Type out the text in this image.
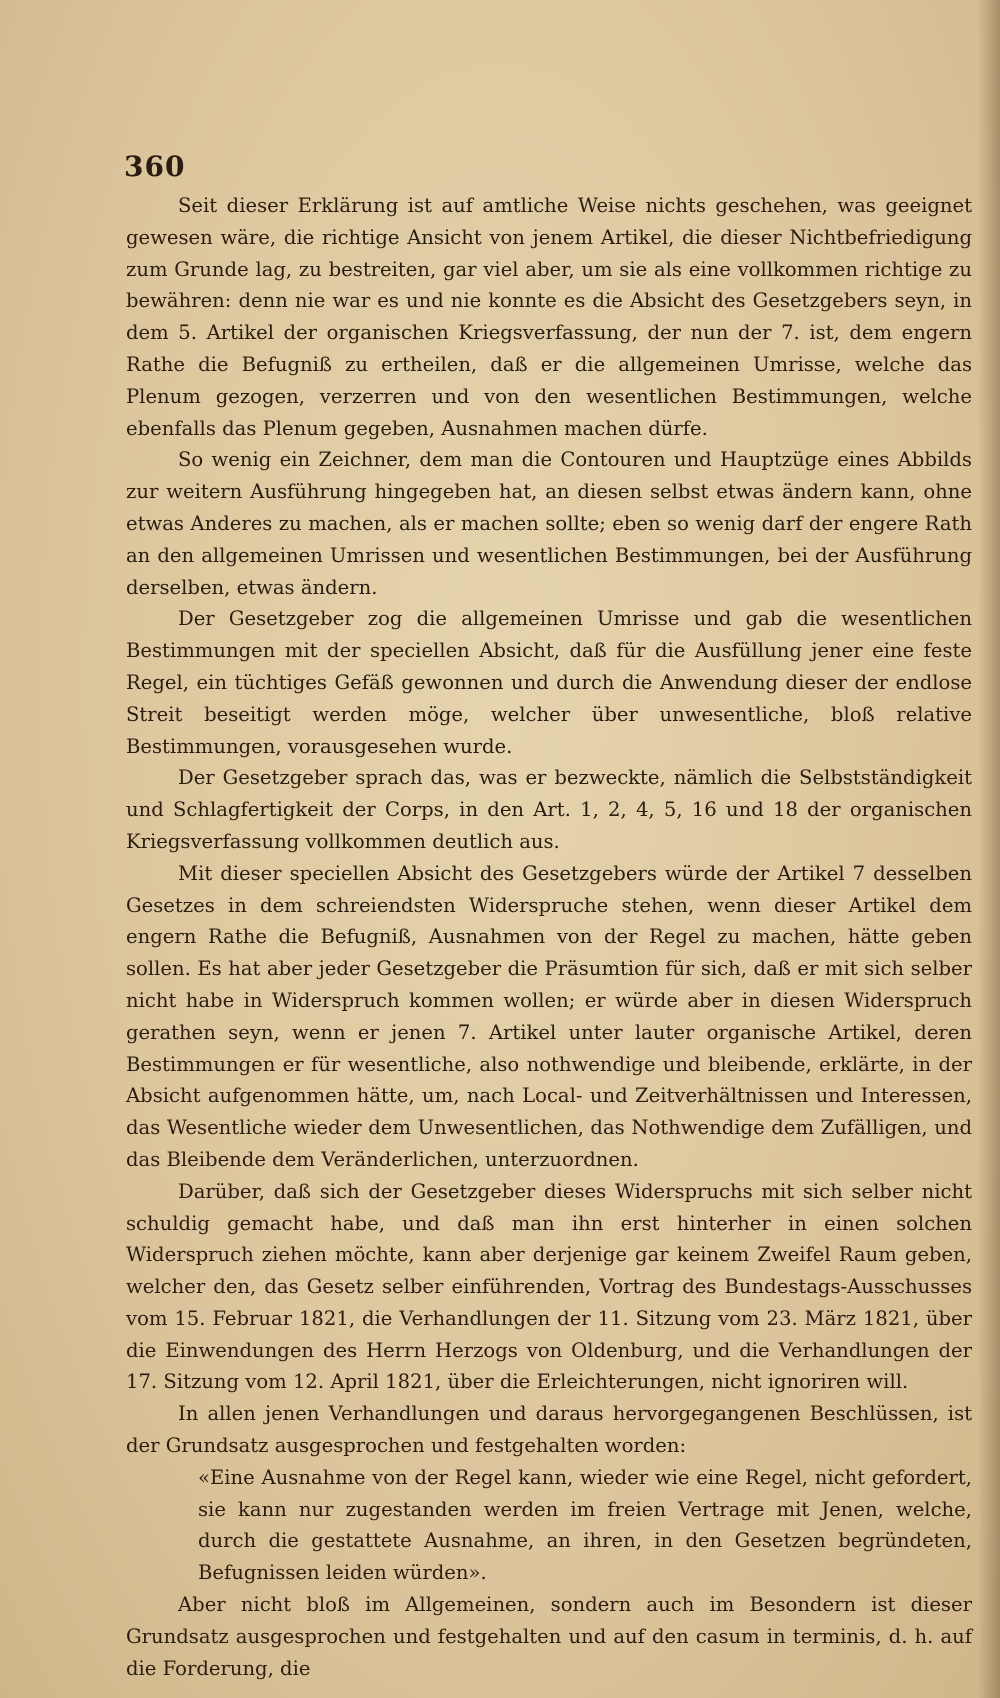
360

Seit dieser Erklärung ist auf amtliche Weise nichts geschehen, was geeignet gewesen wäre, die richtige Ansicht von jenem Artikel, die dieser Nichtbefriedigung zum Grunde lag, zu bestreiten, gar viel aber, um sie als eine vollkommen richtige zu bewähren: denn nie war es und nie konnte es die Absicht des Gesetzgebers seyn, in dem 5. Artikel der organischen Kriegsverfassung, der nun der 7. ist, dem engern Rathe die Befugniß zu ertheilen, daß er die allgemeinen Umrisse, welche das Plenum gezogen, verzerren und von den wesentlichen Bestimmungen, welche ebenfalls das Plenum gegeben, Ausnahmen machen dürfe.

So wenig ein Zeichner, dem man die Contouren und Hauptzüge eines Abbilds zur weitern Ausführung hingegeben hat, an diesen selbst etwas ändern kann, ohne etwas Anderes zu machen, als er machen sollte; eben so wenig darf der engere Rath an den allgemeinen Umrissen und wesentlichen Bestimmungen, bei der Ausführung derselben, etwas ändern.

Der Gesetzgeber zog die allgemeinen Umrisse und gab die wesentlichen Bestimmungen mit der speciellen Absicht, daß für die Ausfüllung jener eine feste Regel, ein tüchtiges Gefäß gewonnen und durch die Anwendung dieser der endlose Streit beseitigt werden möge, welcher über unwesentliche, bloß relative Bestimmungen, vorausgesehen wurde.

Der Gesetzgeber sprach das, was er bezweckte, nämlich die Selbstständigkeit und Schlagfertigkeit der Corps, in den Art. 1, 2, 4, 5, 16 und 18 der organischen Kriegsverfassung vollkommen deutlich aus.

Mit dieser speciellen Absicht des Gesetzgebers würde der Artikel 7 desselben Gesetzes in dem schreiendsten Widerspruche stehen, wenn dieser Artikel dem engern Rathe die Befugniß, Ausnahmen von der Regel zu machen, hätte geben sollen. Es hat aber jeder Gesetzgeber die Präsumtion für sich, daß er mit sich selber nicht habe in Widerspruch kommen wollen; er würde aber in diesen Widerspruch gerathen seyn, wenn er jenen 7. Artikel unter lauter organische Artikel, deren Bestimmungen er für wesentliche, also nothwendige und bleibende, erklärte, in der Absicht aufgenommen hätte, um, nach Local- und Zeitverhältnissen und Interessen, das Wesentliche wieder dem Unwesentlichen, das Nothwendige dem Zufälligen, und das Bleibende dem Veränderlichen, unterzuordnen.

Darüber, daß sich der Gesetzgeber dieses Widerspruchs mit sich selber nicht schuldig gemacht habe, und daß man ihn erst hinterher in einen solchen Widerspruch ziehen möchte, kann aber derjenige gar keinem Zweifel Raum geben, welcher den, das Gesetz selber einführenden, Vortrag des Bundestags-Ausschusses vom 15. Februar 1821, die Verhandlungen der 11. Sitzung vom 23. März 1821, über die Einwendungen des Herrn Herzogs von Oldenburg, und die Verhandlungen der 17. Sitzung vom 12. April 1821, über die Erleichterungen, nicht ignoriren will.

In allen jenen Verhandlungen und daraus hervorgegangenen Beschlüssen, ist der Grundsatz ausgesprochen und festgehalten worden:

«Eine Ausnahme von der Regel kann, wieder wie eine Regel, nicht gefordert, sie kann nur zugestanden werden im freien Vertrage mit Jenen, welche, durch die gestattete Ausnahme, an ihren, in den Gesetzen begründeten, Befugnissen leiden würden».

Aber nicht bloß im Allgemeinen, sondern auch im Besondern ist dieser Grundsatz ausgesprochen und festgehalten und auf den casum in terminis, d. h. auf die Forderung, die
